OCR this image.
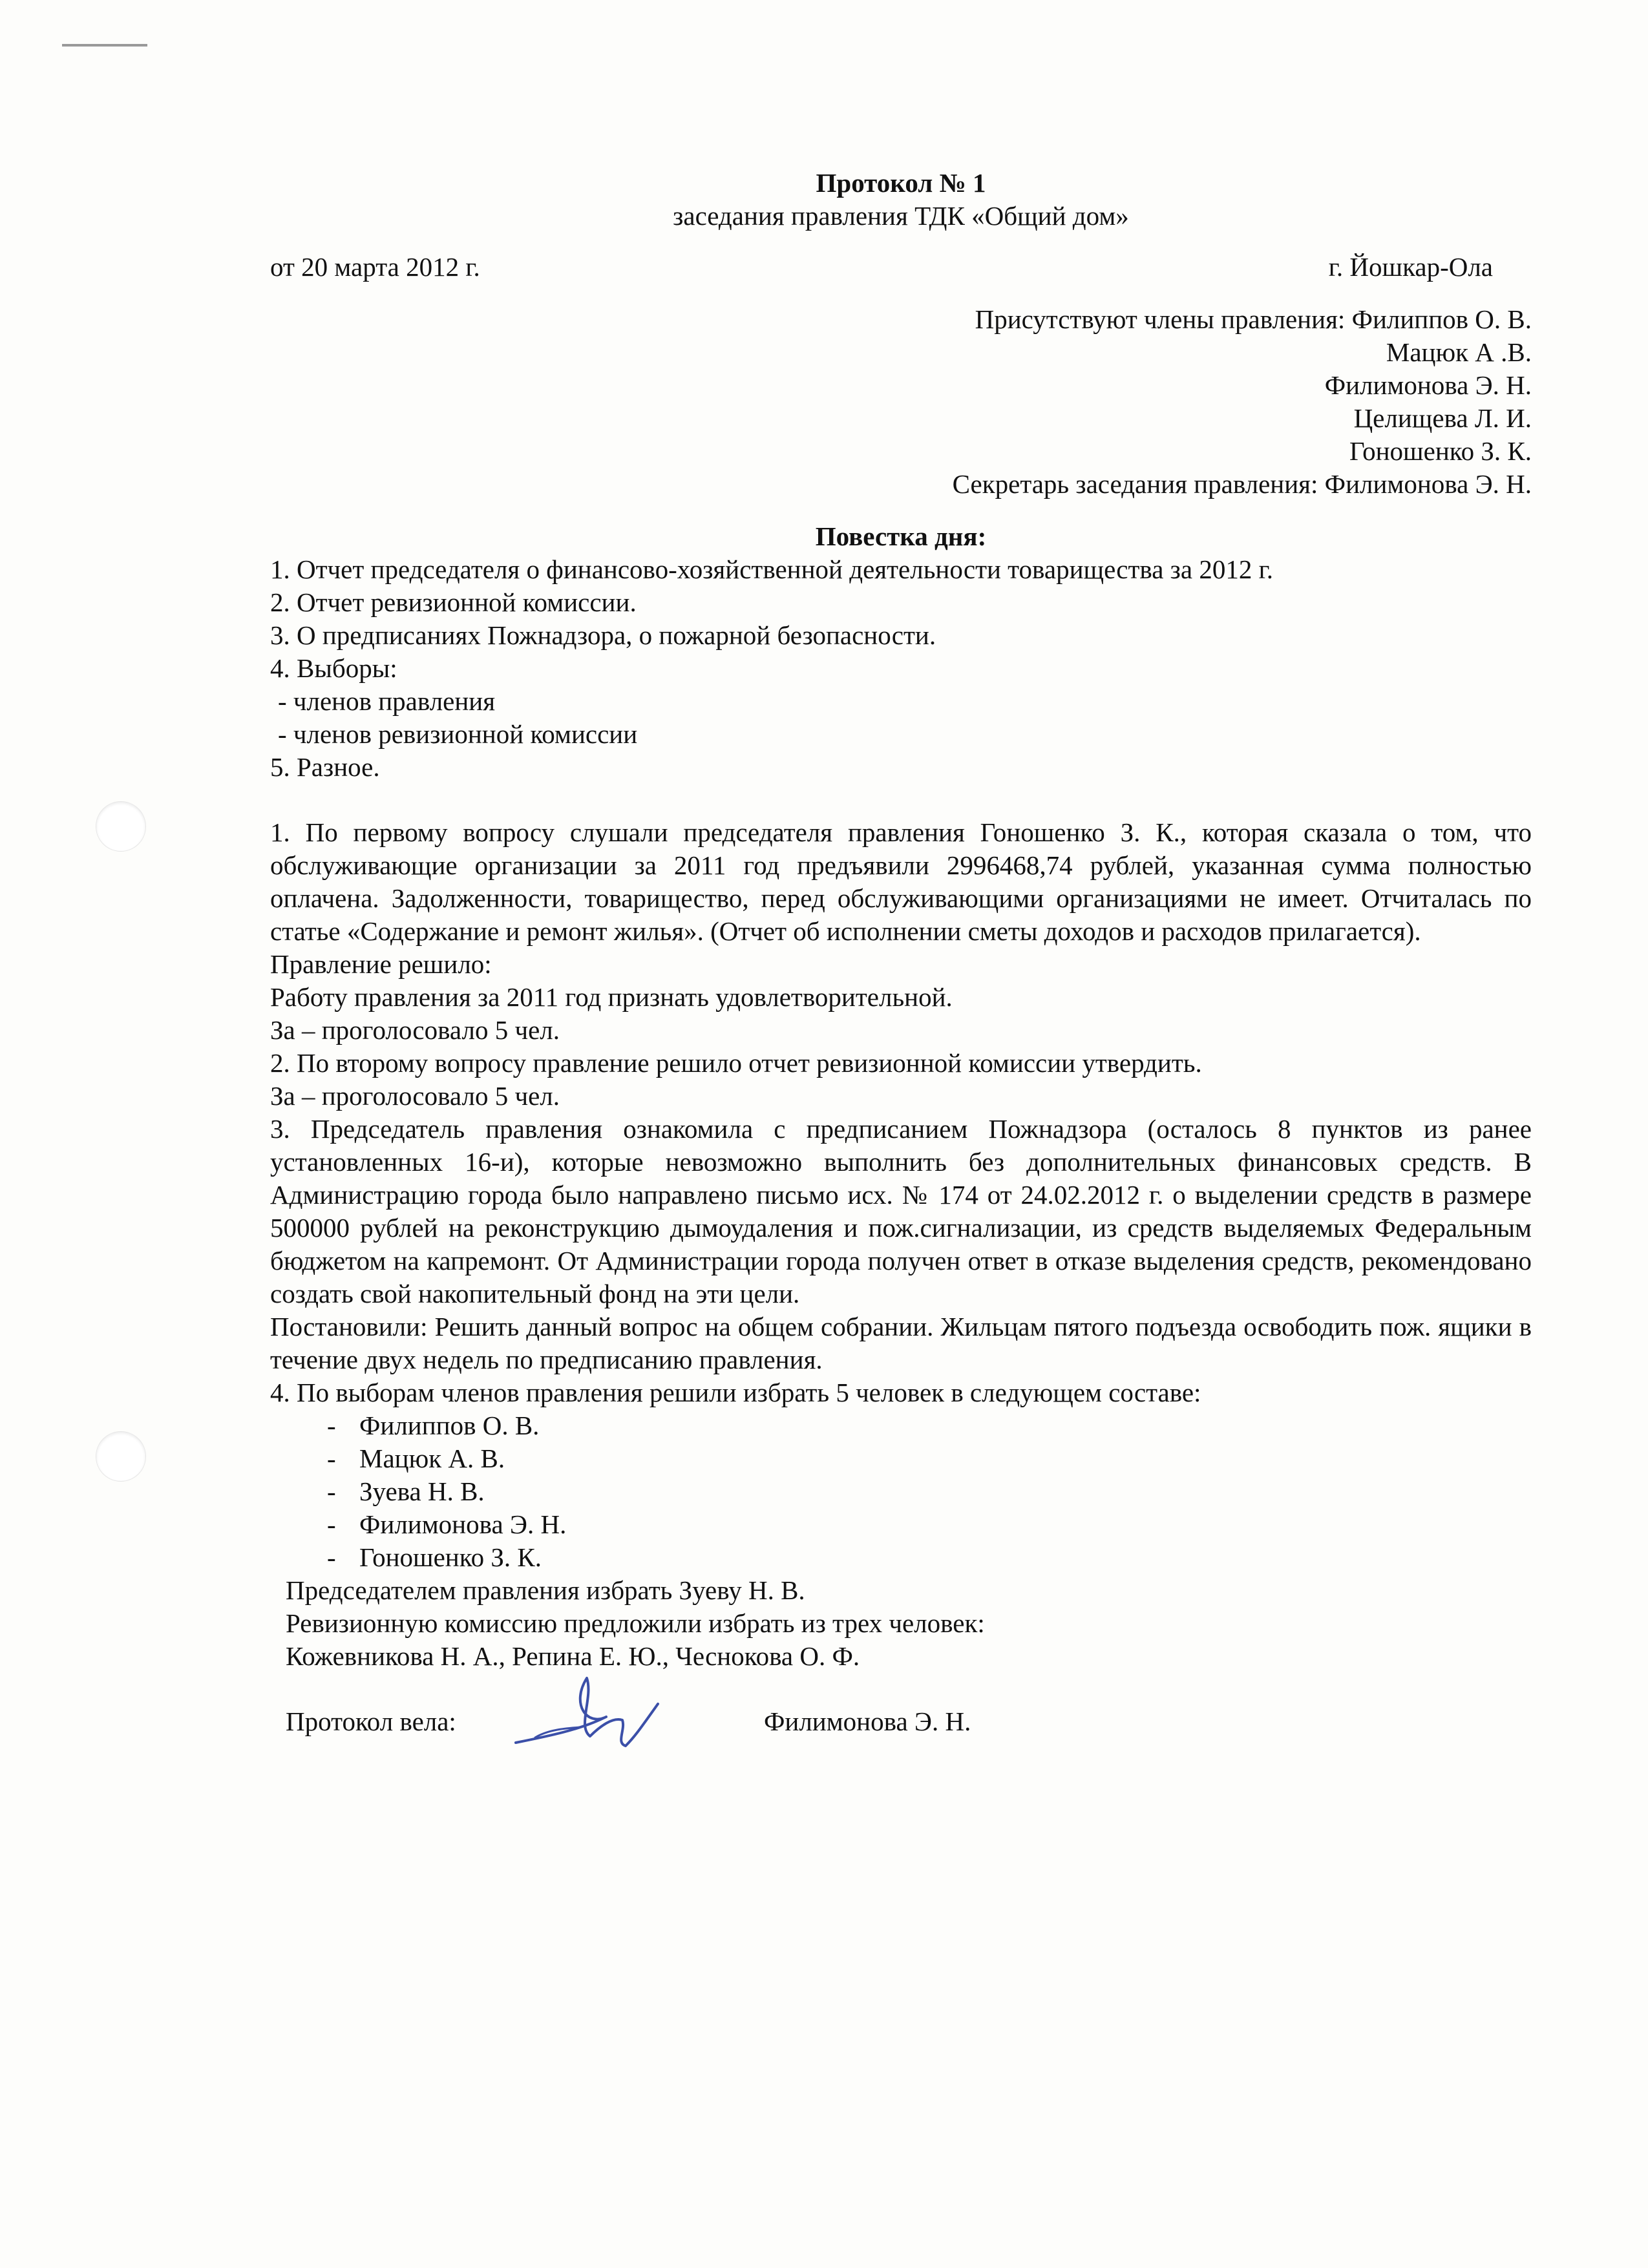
Протокол № 1
заседания правления ТДК «Общий дом»
от 20 марта 2012 г.	г. Йошкар-Ола
Присутствуют члены правления: Филиппов О. В.
Мацюк А .В.
Филимонова Э. Н.
Целищева Л. И.
Гоношенко З. К.
Секретарь заседания правления: Филимонова Э. Н.
Повестка дня:
1. Отчет председателя о финансово-хозяйственной деятельности товарищества за 2012 г.
2. Отчет ревизионной комиссии.
3. О предписаниях Пожнадзора, о пожарной безопасности.
4. Выборы:
- членов правления
- членов ревизионной комиссии
5. Разное.
1. По первому вопросу слушали председателя правления Гоношенко З. К., которая сказала о том, что обслуживающие организации за 2011 год предъявили 2996468,74 рублей, указанная сумма полностью оплачена. Задолженности, товарищество, перед обслуживающими организациями не имеет. Отчиталась по статье «Содержание и ремонт жилья». (Отчет об исполнении сметы доходов и расходов прилагается).
Правление решило:
Работу правления за 2011 год признать удовлетворительной.
За – проголосовало 5 чел.
2. По второму вопросу правление решило отчет ревизионной комиссии утвердить.
За – проголосовало 5 чел.
3. Председатель правления ознакомила с предписанием Пожнадзора (осталось 8 пунктов из ранее установленных 16-и), которые невозможно выполнить без дополнительных финансовых средств. В Администрацию города было направлено письмо исх. № 174 от 24.02.2012 г. о выделении средств в размере 500000 рублей на реконструкцию дымоудаления и пож.сигнализации, из средств выделяемых Федеральным бюджетом на капремонт. От Администрации города получен ответ в отказе выделения средств, рекомендовано создать свой накопительный фонд на эти цели.
Постановили: Решить данный вопрос на общем собрании. Жильцам пятого подъезда освободить пож. ящики в течение двух недель по предписанию правления.
4. По выборам членов правления решили избрать 5 человек в следующем составе:
- Филиппов О. В.
- Мацюк А. В.
- Зуева Н. В.
- Филимонова Э. Н.
- Гоношенко З. К.
Председателем правления избрать Зуеву Н. В.
Ревизионную комиссию предложили избрать из трех человек:
Кожевникова Н. А., Репина Е. Ю., Чеснокова О. Ф.
Протокол вела:	Филимонова Э. Н.
